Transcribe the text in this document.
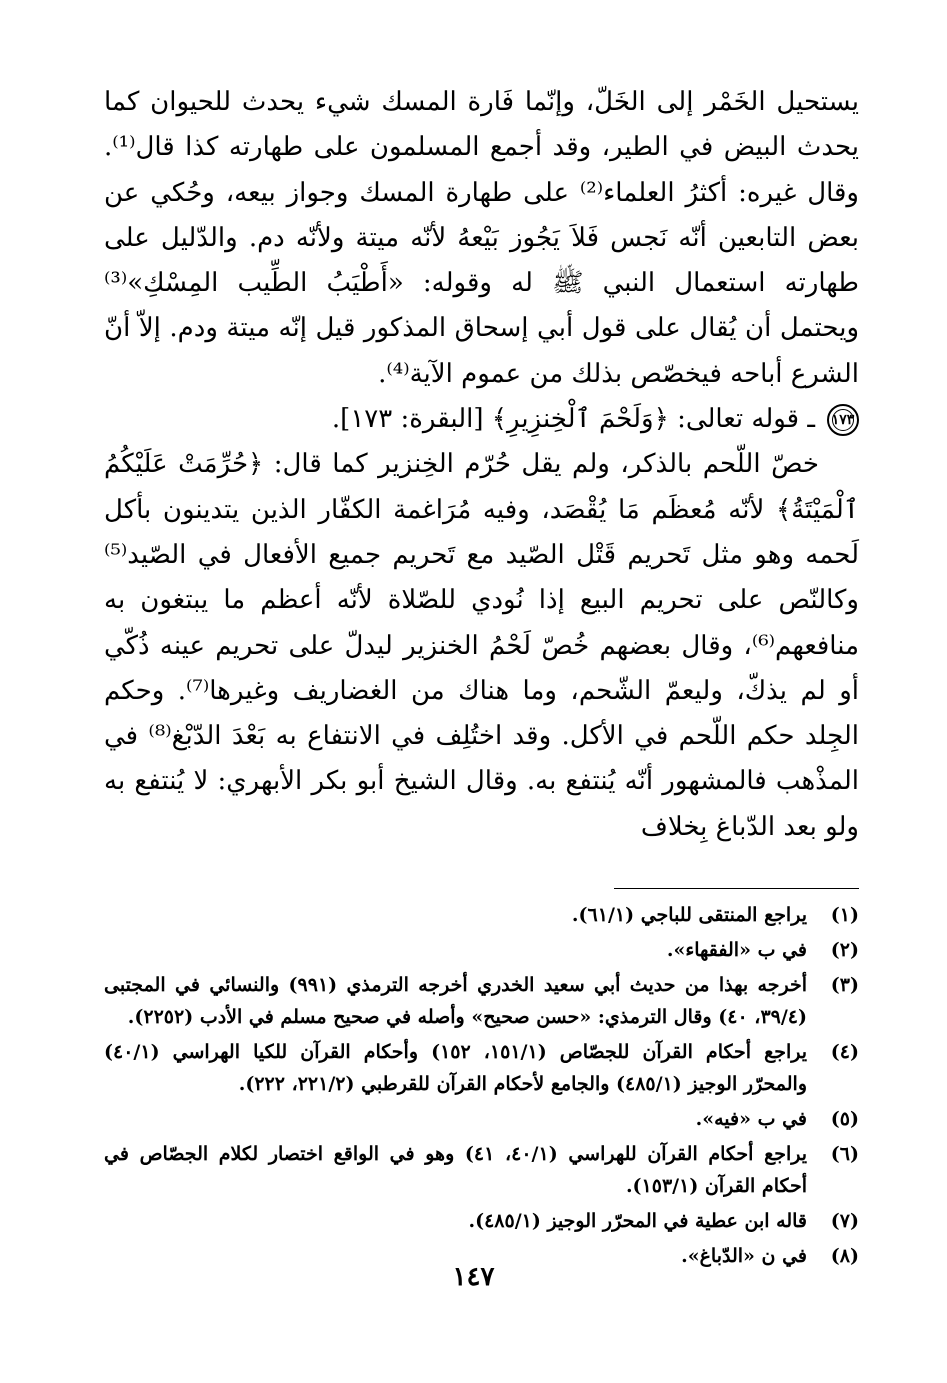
يستحيل الخَمْر إلى الخَلّ، وإنّما فَارة المسك شيء يحدث للحيوان كما يحدث البيض في الطير، وقد أجمع المسلمون على طهارته كذا قال⁽¹⁾. وقال غيره: أكثرُ العلماء⁽²⁾ على طهارة المسك وجواز بيعه، وحُكي عن بعض التابعين أنّه نَجس فَلاَ يَجُوز بَيْعهُ لأنّه ميتة ولأنّه دم. والدّليل على طهارته استعمال النبي ﷺ له وقوله: «أَطْيَبُ الطِّيب المِسْكِ»⁽³⁾ ويحتمل أن يُقال على قول أبي إسحاق المذكور قيل إنّه ميتة ودم. إلاّ أنّ الشرع أباحه فيخصّص بذلك من عموم الآية⁽⁴⁾.

١٧٣
ـ قوله تعالى: ﴿وَلَحْمَ ٱلْخِنزِيرِ﴾ [البقرة: ١٧٣].

خصّ اللّحم بالذكر، ولم يقل حُرّم الخِنزير كما قال: ﴿حُرِّمَتْ عَلَيْكُمُ ٱلْمَيْتَةُ﴾ لأنّه مُعظَم مَا يُقْصَد، وفيه مُرَاغمة الكفّار الذين يتدينون بأكل لَحمه وهو مثل تَحريم قَتْل الصّيد مع تَحريم جميع الأفعال في الصّيد⁽⁵⁾ وكالنّص على تحريم البيع إذا نُودي للصّلاة لأنّه أعظم ما يبتغون به منافعهم⁽⁶⁾، وقال بعضهم خُصّ لَحْمُ الخنزير ليدلّ على تحريم عينه ذُكّي أو لم يذكّ، وليعمّ الشّحم، وما هناك من الغضاريف وغيرها⁽⁷⁾. وحكم الجِلد حكم اللّحم في الأكل. وقد اختُلِف في الانتفاع به بَعْدَ الدّبْغ⁽⁸⁾ في المذْهب فالمشهور أنّه يُنتفع به. وقال الشيخ أبو بكر الأبهري: لا يُنتفع به ولو بعد الدّباغ بِخلاف

(١)
يراجع المنتقى للباجي (٦١/١).
(٢)
في ب «الفقهاء».
(٣)
أخرجه بهذا من حديث أبي سعيد الخدري أخرجه الترمذي (٩٩١) والنسائي في المجتبى (٣٩/٤، ٤٠) وقال الترمذي: «حسن صحيح» وأصله في صحيح مسلم في الأدب (٢٢٥٢).
(٤)
يراجع أحكام القرآن للجصّاص (١٥١/١، ١٥٢) وأحكام القرآن للكيا الهراسي (٤٠/١) والمحرّر الوجيز (٤٨٥/١) والجامع لأحكام القرآن للقرطبي (٢٢١/٢، ٢٢٢).
(٥)
في ب «فيه».
(٦)
يراجع أحكام القرآن للهراسي (٤٠/١، ٤١) وهو في الواقع اختصار لكلام الجصّاص في أحكام القرآن (١٥٣/١).
(٧)
قاله ابن عطية في المحرّر الوجيز (٤٨٥/١).
(٨)
في ن «الدّباغ».
١٤٧
